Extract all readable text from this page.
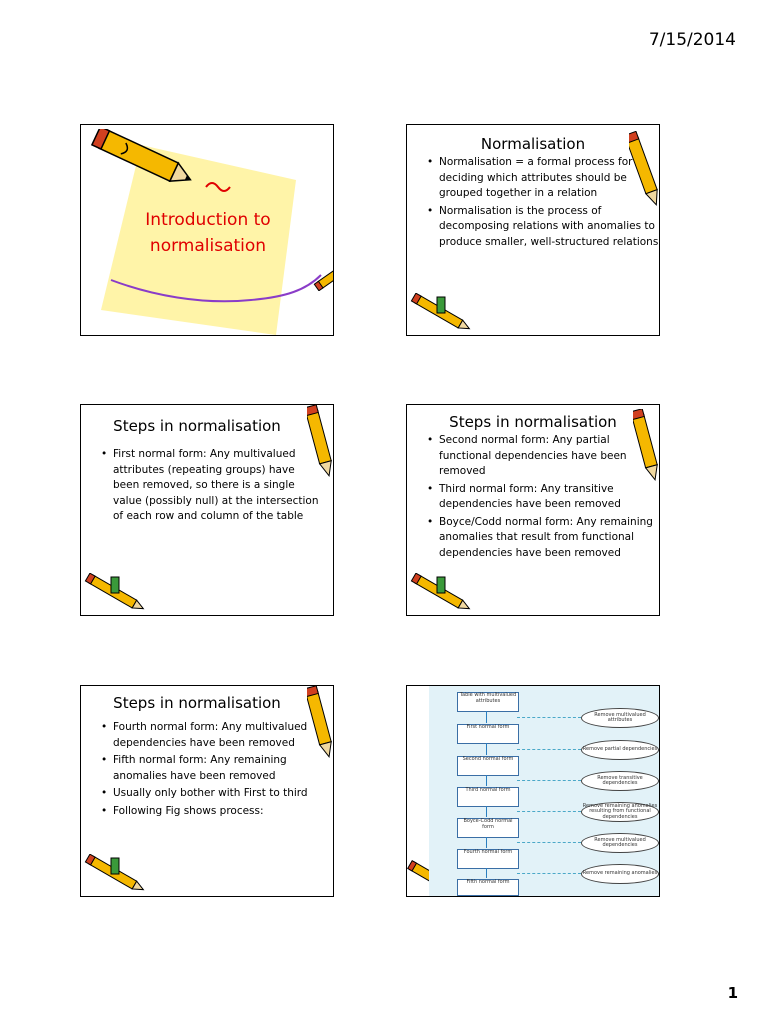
7/15/2014
Introduction to normalisation
Normalisation
• Normalisation = a formal process for deciding which attributes should be grouped together in a relation
• Normalisation is the process of decomposing relations with anomalies to produce smaller, well-structured relations
Steps in normalisation
• First normal form: Any multivalued attributes (repeating groups) have been removed, so there is a single value (possibly null) at the intersection of each row and column of the table
Steps in normalisation
• Second normal form: Any partial functional dependencies have been removed
• Third normal form: Any transitive dependencies have been removed
• Boyce/Codd normal form: Any remaining anomalies that result from functional dependencies have been removed
Steps in normalisation
• Fourth normal form: Any multivalued dependencies have been removed
• Fifth normal form: Any remaining anomalies have been removed
• Usually only bother with First to third
• Following Fig shows process:
Table with multivalued attributes
First normal form
Second normal form
Third normal form
Boyce-Codd normal form
Fourth normal form
Fifth normal form
Remove multivalued attributes
Remove partial dependencies
Remove transitive dependencies
Remove remaining anomalies resulting from functional dependencies
Remove multivalued dependencies
Remove remaining anomalies
1
